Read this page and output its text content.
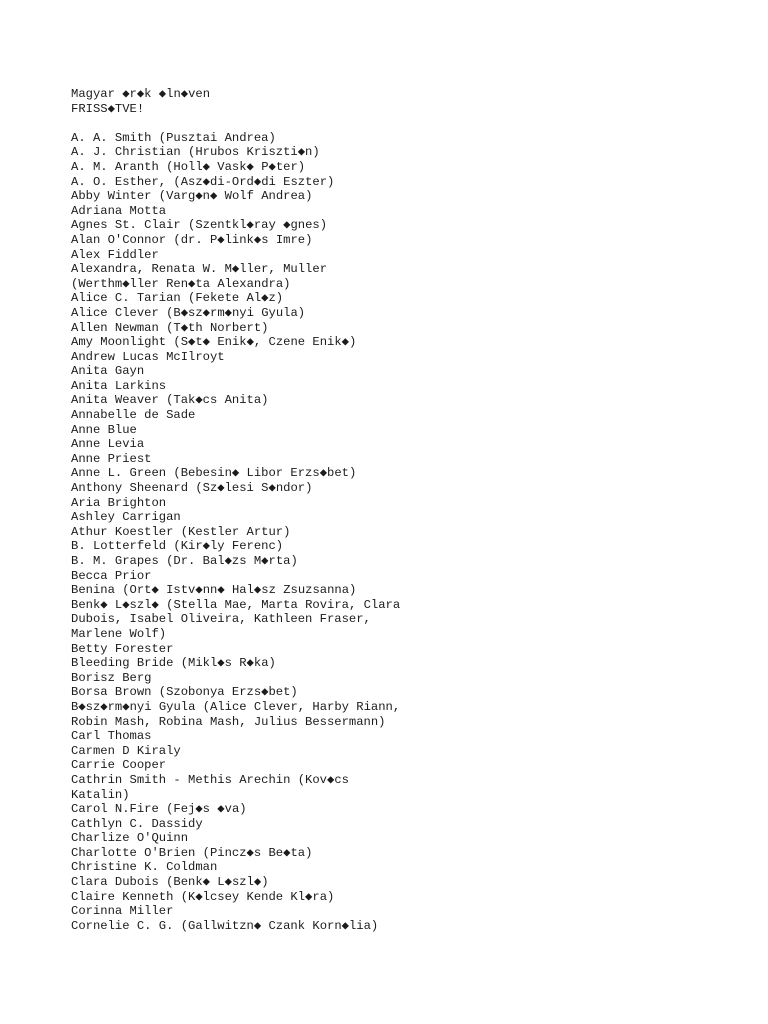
Magyar ◆r◆k ◆ln◆ven
FRISS◆TVE!
A. A. Smith (Pusztai Andrea)
A. J. Christian (Hrubos Kriszti◆n)
A. M. Aranth (Holl◆ Vask◆ P◆ter)
A. O. Esther, (Asz◆di-Ord◆di Eszter)
Abby Winter (Varg◆n◆ Wolf Andrea)
Adriana Motta
Agnes St. Clair (Szentkl◆ray ◆gnes)
Alan O'Connor (dr. P◆link◆s Imre)
Alex Fiddler
Alexandra, Renata W. M◆ller, Muller
(Werthm◆ller Ren◆ta Alexandra)
Alice C. Tarian (Fekete Al◆z)
Alice Clever (B◆sz◆rm◆nyi Gyula)
Allen Newman (T◆th Norbert)
Amy Moonlight (S◆t◆ Enik◆, Czene Enik◆)
Andrew Lucas McIlroyt
Anita Gayn
Anita Larkins
Anita Weaver (Tak◆cs Anita)
Annabelle de Sade
Anne Blue
Anne Levia
Anne Priest
Anne L. Green (Bebesin◆ Libor Erzs◆bet)
Anthony Sheenard (Sz◆lesi S◆ndor)
Aria Brighton
Ashley Carrigan
Athur Koestler (Kestler Artur)
B. Lotterfeld (Kir◆ly Ferenc)
B. M. Grapes (Dr. Bal◆zs M◆rta)
Becca Prior
Benina (Ort◆ Istv◆nn◆ Hal◆sz Zsuzsanna)
Benk◆ L◆szl◆ (Stella Mae, Marta Rovira, Clara
Dubois, Isabel Oliveira, Kathleen Fraser,
Marlene Wolf)
Betty Forester
Bleeding Bride (Mikl◆s R◆ka)
Borisz Berg
Borsa Brown (Szobonya Erzs◆bet)
B◆sz◆rm◆nyi Gyula (Alice Clever, Harby Riann,
Robin Mash, Robina Mash, Julius Bessermann)
Carl Thomas
Carmen D Kiraly
Carrie Cooper
Cathrin Smith - Methis Arechin (Kov◆cs
Katalin)
Carol N.Fire (Fej◆s ◆va)
Cathlyn C. Dassidy
Charlize O'Quinn
Charlotte O'Brien (Pincz◆s Be◆ta)
Christine K. Coldman
Clara Dubois (Benk◆ L◆szl◆)
Claire Kenneth (K◆lcsey Kende Kl◆ra)
Corinna Miller
Cornelie C. G. (Gallwitzn◆ Czank Korn◆lia)
